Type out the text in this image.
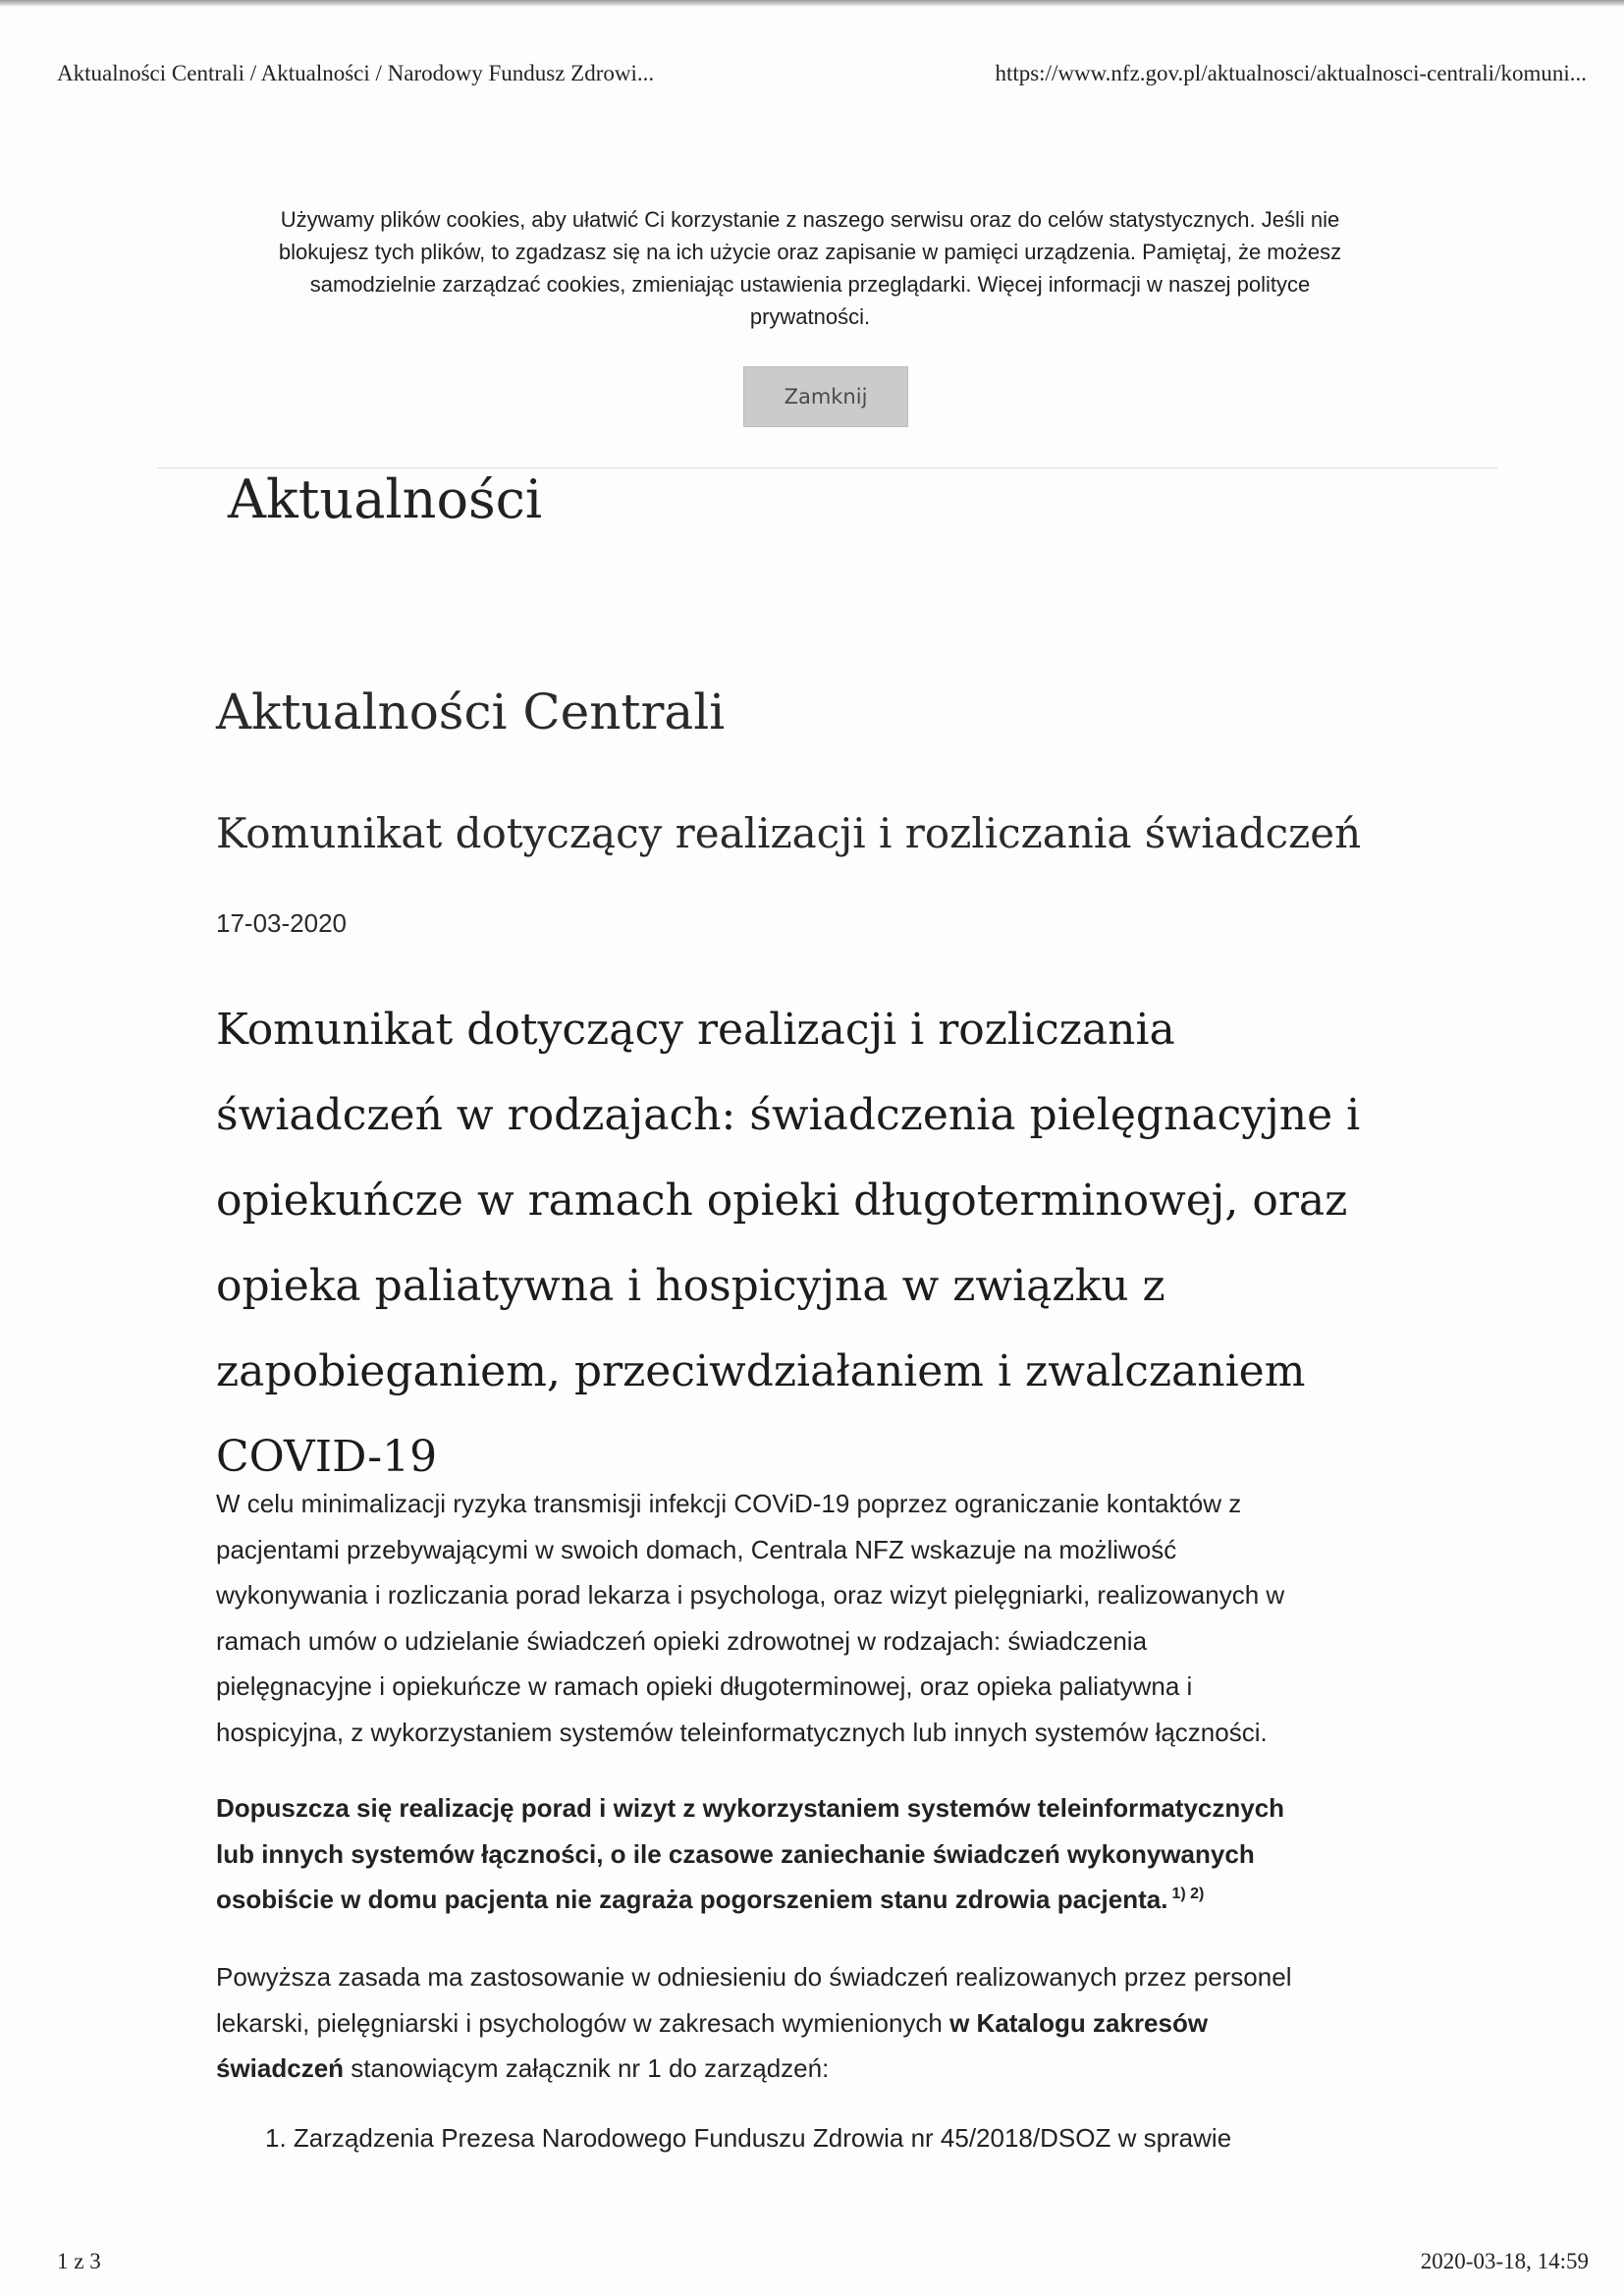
Aktualności Centrali / Aktualności / Narodowy Fundusz Zdrowi...	https://www.nfz.gov.pl/aktualnosci/aktualnosci-centrali/komuni...
Używamy plików cookies, aby ułatwić Ci korzystanie z naszego serwisu oraz do celów statystycznych. Jeśli nie
blokujesz tych plików, to zgadzasz się na ich użycie oraz zapisanie w pamięci urządzenia. Pamiętaj, że możesz
samodzielnie zarządzać cookies, zmieniając ustawienia przeglądarki. Więcej informacji w naszej polityce
prywatności.
Zamknij
Aktualności
Aktualności Centrali
Komunikat dotyczący realizacji i rozliczania świadczeń
17-03-2020
Komunikat dotyczący realizacji i rozliczania
świadczeń w rodzajach: świadczenia pielęgnacyjne i
opiekuńcze w ramach opieki długoterminowej, oraz
opieka paliatywna i hospicyjna w związku z
zapobieganiem, przeciwdziałaniem i zwalczaniem
COVID-19
W celu minimalizacji ryzyka transmisji infekcji COViD-19 poprzez ograniczanie kontaktów z
pacjentami przebywającymi w swoich domach, Centrala NFZ wskazuje na możliwość
wykonywania i rozliczania porad lekarza i psychologa, oraz wizyt pielęgniarki, realizowanych w
ramach umów o udzielanie świadczeń opieki zdrowotnej w rodzajach: świadczenia
pielęgnacyjne i opiekuńcze w ramach opieki długoterminowej, oraz opieka paliatywna i
hospicyjna, z wykorzystaniem systemów teleinformatycznych lub innych systemów łączności.
Dopuszcza się realizację porad i wizyt z wykorzystaniem systemów teleinformatycznych
lub innych systemów łączności, o ile czasowe zaniechanie świadczeń wykonywanych
osobiście w domu pacjenta nie zagraża pogorszeniem stanu zdrowia pacjenta. $^{1) 2)}$
Powyższa zasada ma zastosowanie w odniesieniu do świadczeń realizowanych przez personel
lekarski, pielęgniarski i psychologów w zakresach wymienionych w Katalogu zakresów
świadczeń stanowiącym załącznik nr 1 do zarządzeń:
1. Zarządzenia Prezesa Narodowego Funduszu Zdrowia nr 45/2018/DSOZ w sprawie
1 z 3	2020-03-18, 14:59
